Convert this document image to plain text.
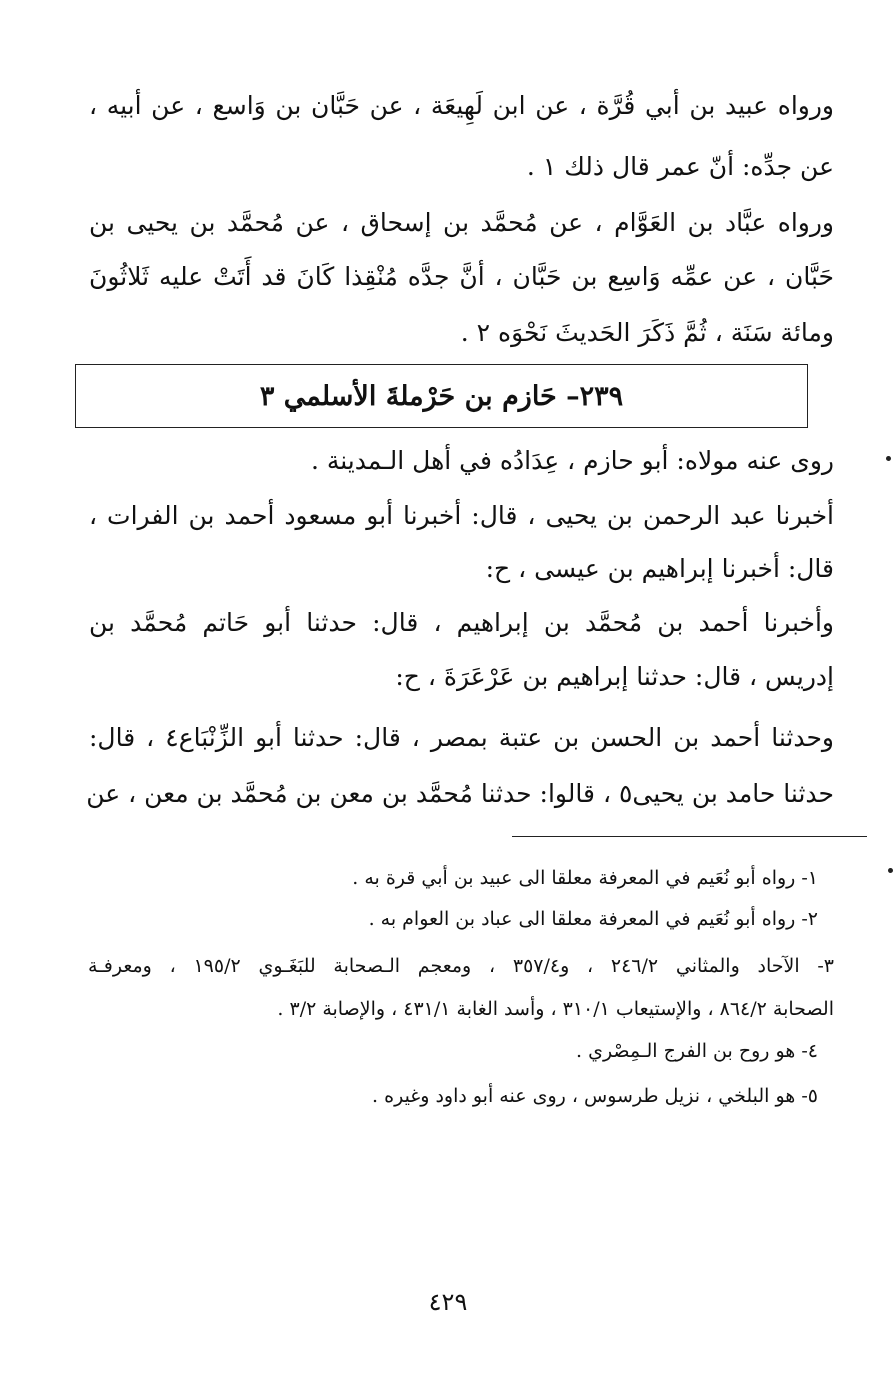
ورواه عبيد بن أبي قُرَّة ، عن ابن لَهِيعَة ، عن حَبَّان بن وَاسع ، عن أبيه ،
عن جدِّه: أنّ عمر قال ذلك ١ .
ورواه عبَّاد بن العَوَّام ، عن مُحمَّد بن إسحاق ، عن مُحمَّد بن يحيى بن
حَبَّان ، عن عمِّه وَاسِع بن حَبَّان ، أنَّ جدَّه مُنْقِذا كَانَ قد أَتَتْ عليه ثَلاثُونَ
ومائة سَنَة ، ثُمَّ ذَكَرَ الحَديثَ نَحْوَه ٢ .
٢٣٩– حَازم بن حَرْملةَ الأسلمي ٣
روى عنه مولاه: أبو حازم ، عِدَادُه في أهل الـمدينة .
أخبرنا عبد الرحمن بن يحيى ، قال: أخبرنا أبو مسعود أحمد بن الفرات ،
قال: أخبرنا إبراهيم بن عيسى ، ح:
وأخبرنا أحمد بن مُحمَّد بن إبراهيم ، قال: حدثنا أبو حَاتم مُحمَّد بن
إدريس ، قال: حدثنا إبراهيم بن عَرْعَرَةَ ، ح:
وحدثنا أحمد بن الحسن بن عتبة بمصر ، قال: حدثنا أبو الزِّنْبَاع٤ ، قال:
حدثنا حامد بن يحيى٥ ، قالوا: حدثنا مُحمَّد بن معن بن مُحمَّد بن معن ، عن
١- رواه أبو نُعَيم في المعرفة معلقا الى عبيد بن أبي قرة به .
٢- رواه أبو نُعَيم في المعرفة معلقا الى عباد بن العوام به .
٣- الآحاد والمثاني ٢٤٦/٢ ، و٣٥٧/٤ ، ومعجم الـصحابة للبَغَـوي ١٩٥/٢ ، ومعرفـة
الصحابة ٨٦٤/٢ ، والإستيعاب ٣١٠/١ ، وأسد الغابة ٤٣١/١ ، والإصابة ٣/٢ .
٤- هو روح بن الفرج الـمِصْري .
٥- هو البلخي ، نزيل طرسوس ، روى عنه أبو داود وغيره .
٤٢٩
